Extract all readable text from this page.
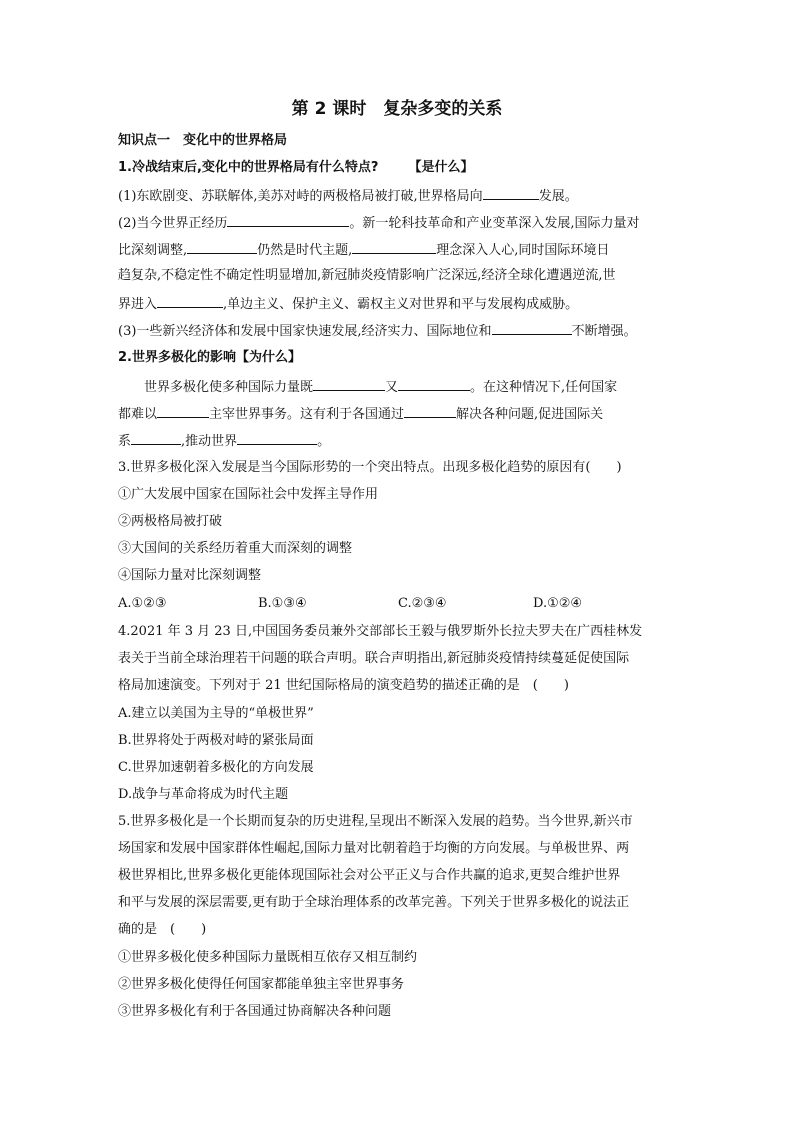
第 2 课时　复杂多变的关系
知识点一　变化中的世界格局
1.冷战结束后,变化中的世界格局有什么特点? 【是什么】
(1)东欧剧变、苏联解体,美苏对峙的两极格局被打破,世界格局向	发展。
(2)当今世界正经历	。新一轮科技革命和产业变革深入发展,国际力量对
比深刻调整,	仍然是时代主题,	理念深入人心,同时国际环境日
趋复杂,不稳定性不确定性明显增加,新冠肺炎疫情影响广泛深远,经济全球化遭遇逆流,世
界进入	,单边主义、保护主义、霸权主义对世界和平与发展构成威胁。
(3)一些新兴经济体和发展中国家快速发展,经济实力、国际地位和	不断增强。
2.世界多极化的影响【为什么】
世界多极化使多种国际力量既	又	。在这种情况下,任何国家
都难以	主宰世界事务。这有利于各国通过	解决各种问题,促进国际关
系	,推动世界	。
3.世界多极化深入发展是当今国际形势的一个突出特点。出现多极化趋势的原因有(　　)
①广大发展中国家在国际社会中发挥主导作用
②两极格局被打破
③大国间的关系经历着重大而深刻的调整
④国际力量对比深刻调整
A.①②③	B.①③④	C.②③④	D.①②④
4.2021 年 3 月 23 日,中国国务委员兼外交部部长王毅与俄罗斯外长拉夫罗夫在广西桂林发
表关于当前全球治理若干问题的联合声明。联合声明指出,新冠肺炎疫情持续蔓延促使国际
格局加速演变。下列对于 21 世纪国际格局的演变趋势的描述正确的是　(　　)
A.建立以美国为主导的“单极世界”
B.世界将处于两极对峙的紧张局面
C.世界加速朝着多极化的方向发展
D.战争与革命将成为时代主题
5.世界多极化是一个长期而复杂的历史进程,呈现出不断深入发展的趋势。当今世界,新兴市
场国家和发展中国家群体性崛起,国际力量对比朝着趋于均衡的方向发展。与单极世界、两
极世界相比,世界多极化更能体现国际社会对公平正义与合作共赢的追求,更契合维护世界
和平与发展的深层需要,更有助于全球治理体系的改革完善。下列关于世界多极化的说法正
确的是　(　　)
①世界多极化使多种国际力量既相互依存又相互制约
②世界多极化使得任何国家都能单独主宰世界事务
③世界多极化有利于各国通过协商解决各种问题
